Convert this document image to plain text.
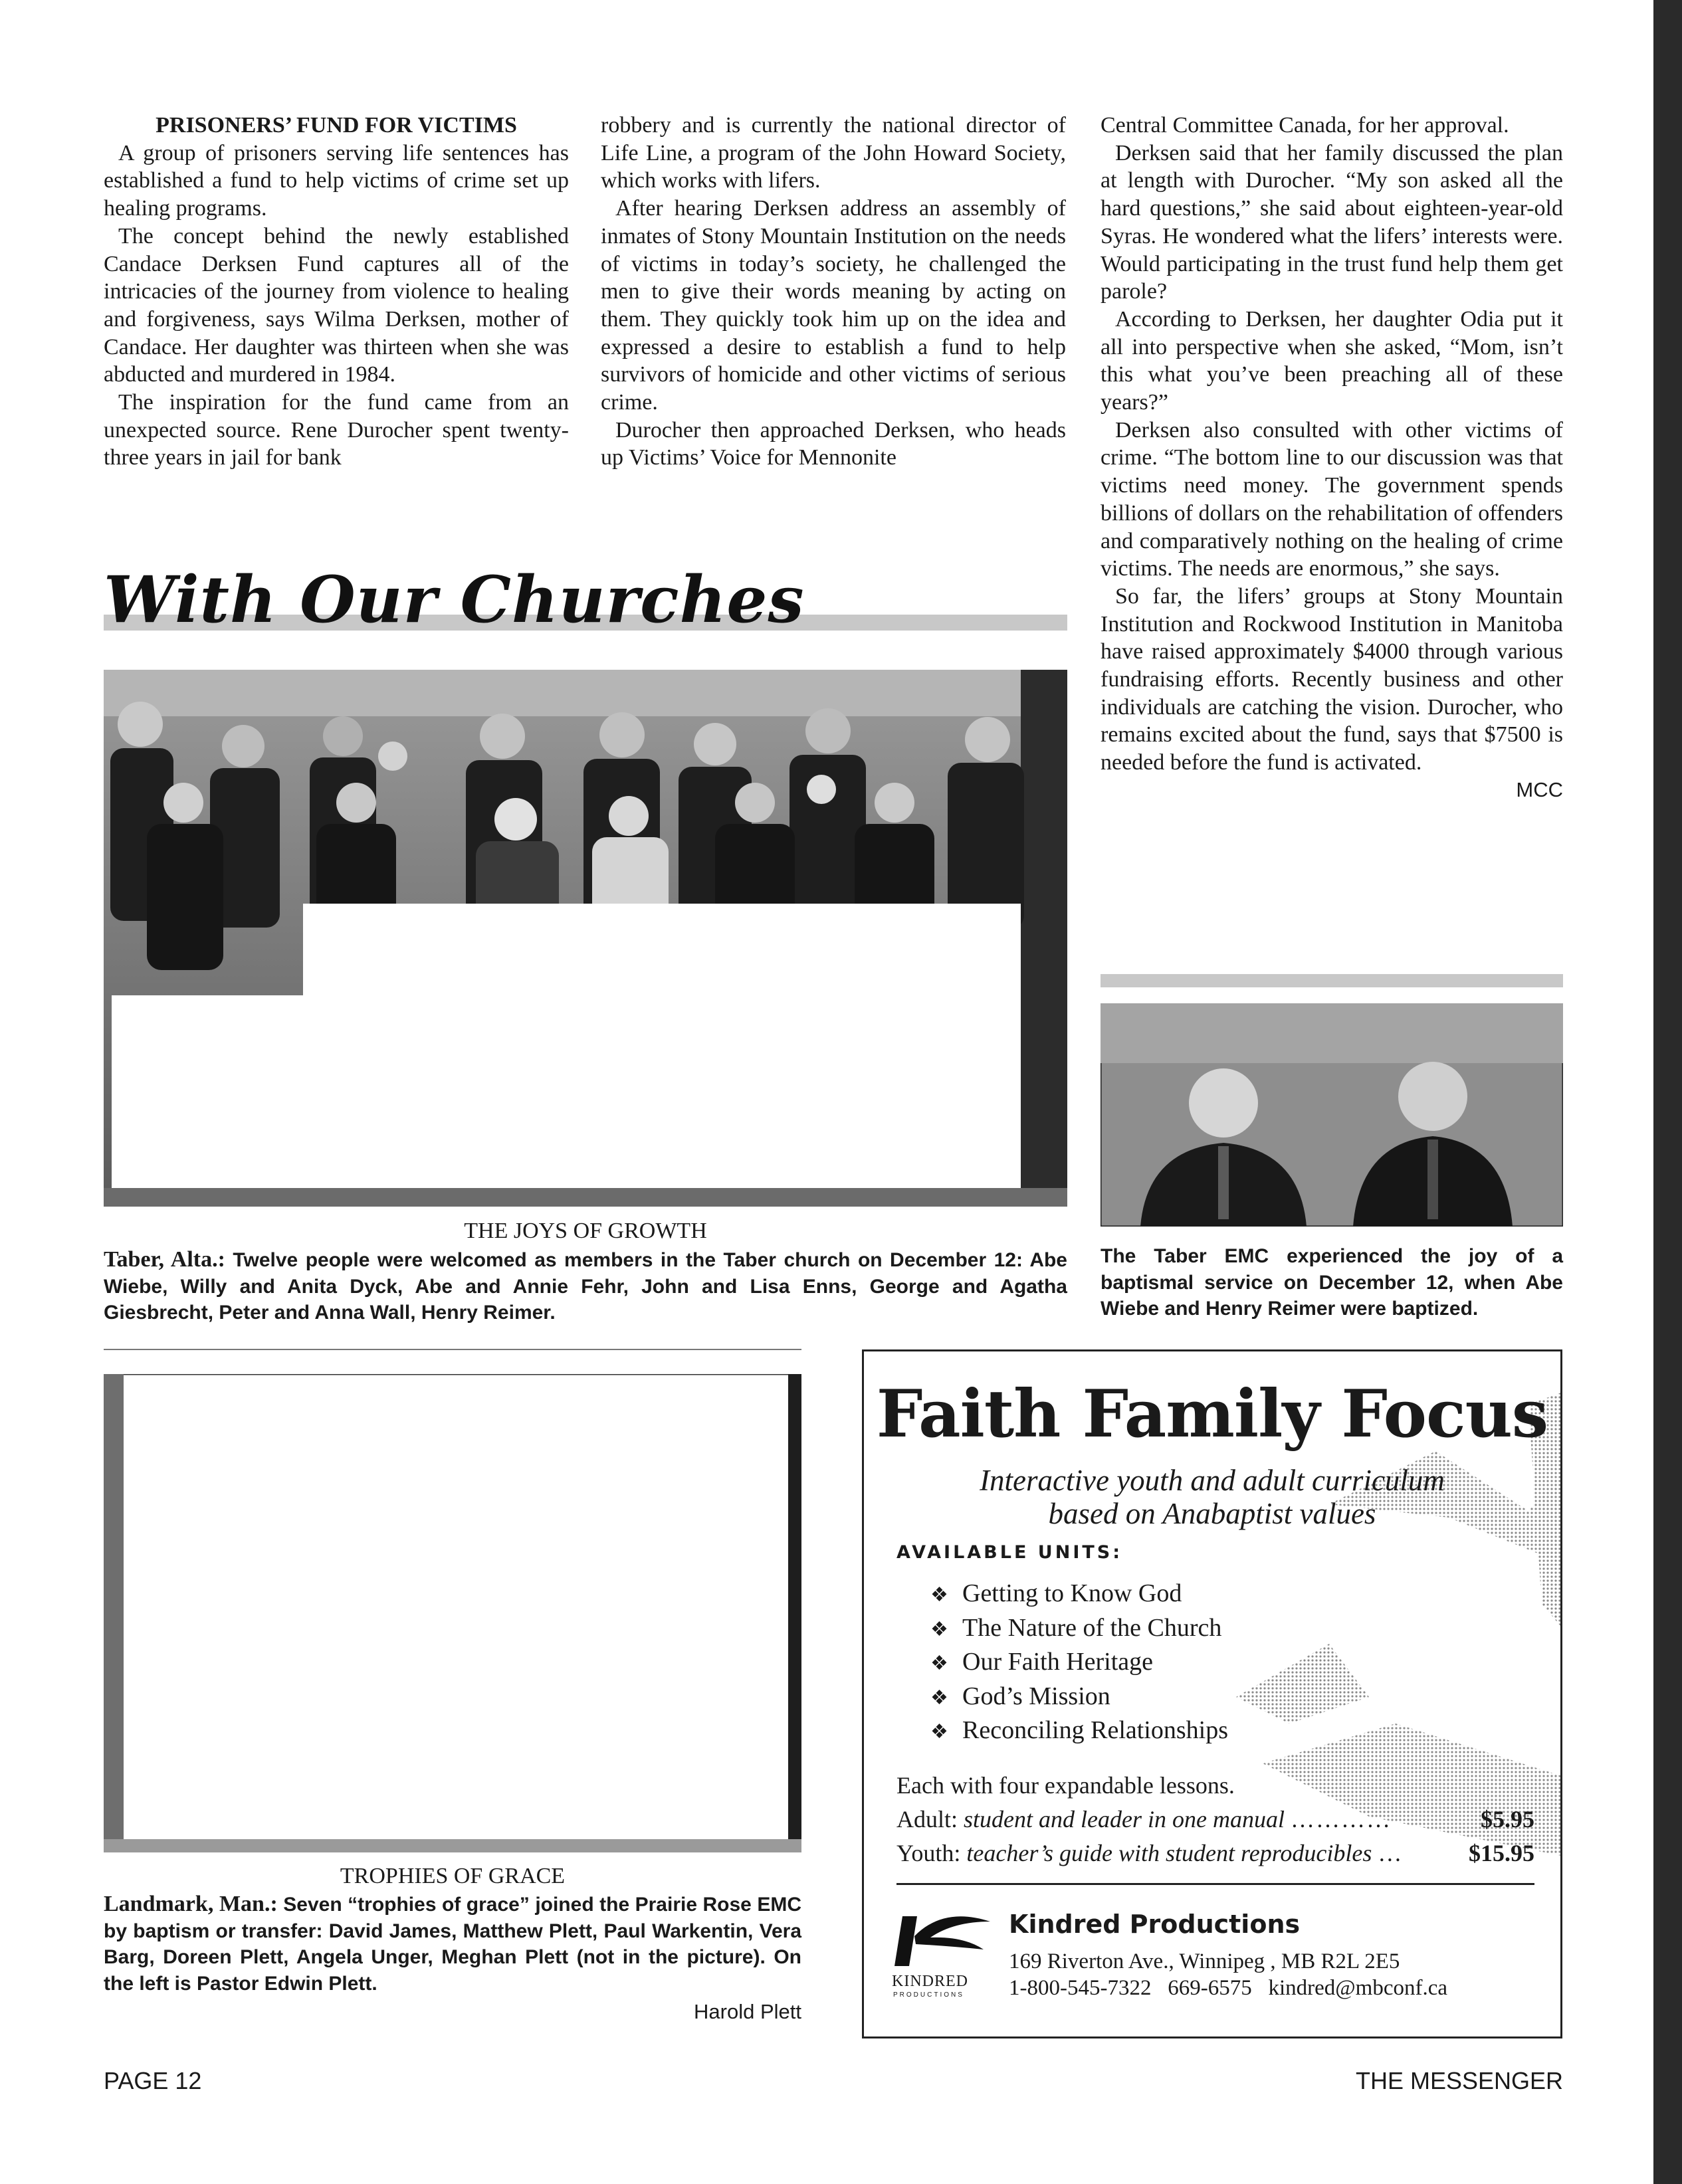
PRISONERS’ FUND FOR VICTIMS

A group of prisoners serving life sentences has established a fund to help victims of crime set up healing programs.

The concept behind the newly established Candace Derksen Fund captures all of the intricacies of the journey from violence to healing and forgiveness, says Wilma Derksen, mother of Candace. Her daughter was thirteen when she was abducted and murdered in 1984.

The inspiration for the fund came from an unexpected source. Rene Durocher spent twenty-three years in jail for bank

robbery and is currently the national director of Life Line, a program of the John Howard Society, which works with lifers.

After hearing Derksen address an assembly of inmates of Stony Mountain Institution on the needs of victims in today’s society, he challenged the men to give their words meaning by acting on them. They quickly took him up on the idea and expressed a desire to establish a fund to help survivors of homicide and other victims of serious crime.

Durocher then approached Derksen, who heads up Victims’ Voice for Mennonite

Central Committee Canada, for her approval.

Derksen said that her family discussed the plan at length with Durocher. “My son asked all the hard questions,” she said about eighteen-year-old Syras. He wondered what the lifers’ interests were. Would participating in the trust fund help them get parole?

According to Derksen, her daughter Odia put it all into perspective when she asked, “Mom, isn’t this what you’ve been preaching all of these years?”

Derksen also consulted with other victims of crime. “The bottom line to our discussion was that victims need money. The government spends billions of dollars on the rehabilitation of offenders and comparatively nothing on the healing of crime victims. The needs are enormous,” she says.

So far, the lifers’ groups at Stony Mountain Institution and Rockwood Institution in Manitoba have raised approximately $4000 through various fundraising efforts. Recently business and other individuals are catching the vision. Durocher, who remains excited about the fund, says that $7500 is needed before the fund is activated.

MCC
With Our Churches
THE JOYS OF GROWTH
Taber, Alta.: Twelve people were welcomed as members in the Taber church on December 12: Abe Wiebe, Willy and Anita Dyck, Abe and Annie Fehr, John and Lisa Enns, George and Agatha Giesbrecht, Peter and Anna Wall, Henry Reimer.
The Taber EMC experienced the joy of a baptismal service on December 12, when Abe Wiebe and Henry Reimer were baptized.
TROPHIES OF GRACE
Landmark, Man.: Seven “trophies of grace” joined the Prairie Rose EMC by baptism or transfer: David James, Matthew Plett, Paul Warkentin, Vera Barg, Doreen Plett, Angela Unger, Meghan Plett (not in the picture). On the left is Pastor Edwin Plett.
Harold Plett
Faith Family Focus
Interactive youth and adult curriculum
based on Anabaptist values
AVAILABLE UNITS:
❖ Getting to Know God
❖ The Nature of the Church
❖ Our Faith Heritage
❖ God’s Mission
❖ Reconciling Relationships
Each with four expandable lessons.
Adult: student and leader in one manual …………	$5.95
Youth: teacher’s guide with student reproducibles …	$15.95
KINDRED
PRODUCTIONS
Kindred Productions
169 Riverton Ave., Winnipeg , MB R2L 2E5
1-800-545-7322 669-6575 kindred@mbconf.ca
PAGE 12	THE MESSENGER
